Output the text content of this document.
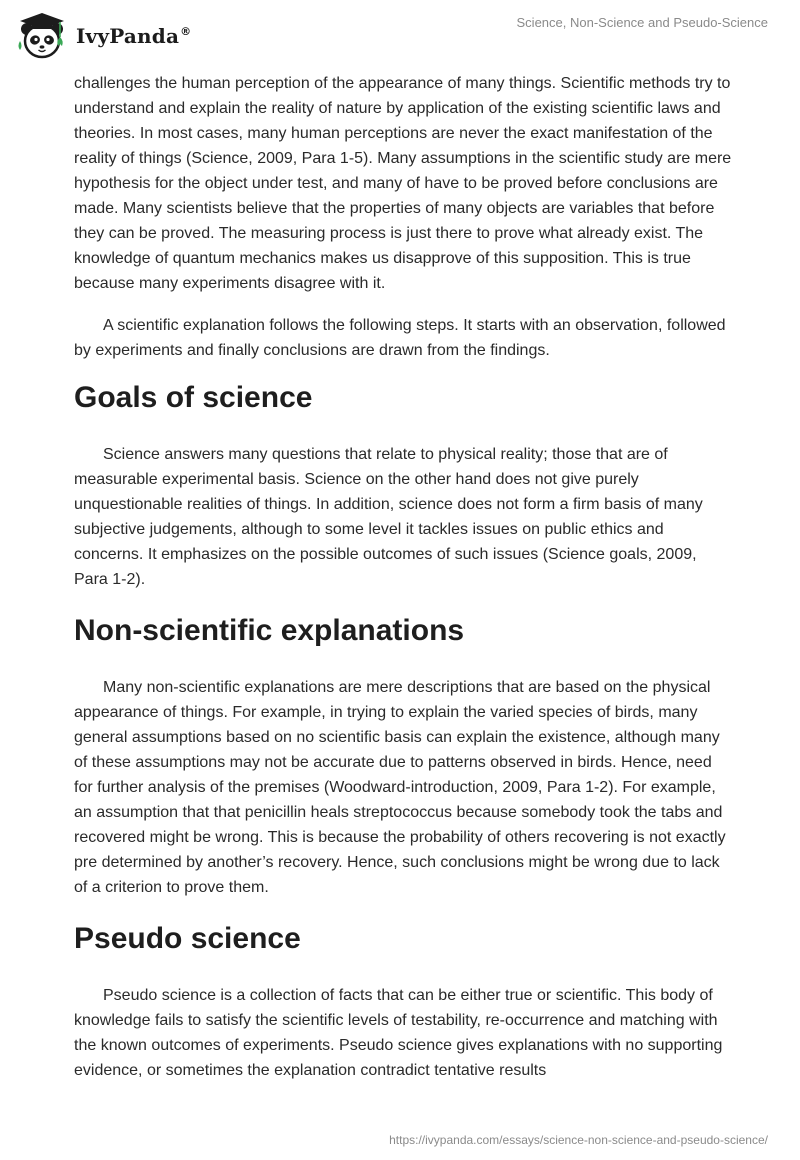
IvyPanda®
Science, Non-Science and Pseudo-Science

challenges the human perception of the appearance of many things. Scientific methods try to understand and explain the reality of nature by application of the existing scientific laws and theories. In most cases, many human perceptions are never the exact manifestation of the reality of things (Science, 2009, Para 1-5). Many assumptions in the scientific study are mere hypothesis for the object under test, and many of have to be proved before conclusions are made. Many scientists believe that the properties of many objects are variables that before they can be proved. The measuring process is just there to prove what already exist. The knowledge of quantum mechanics makes us disapprove of this supposition. This is true because many experiments disagree with it.

A scientific explanation follows the following steps. It starts with an observation, followed by experiments and finally conclusions are drawn from the findings.

Goals of science

Science answers many questions that relate to physical reality; those that are of measurable experimental basis. Science on the other hand does not give purely unquestionable realities of things. In addition, science does not form a firm basis of many subjective judgements, although to some level it tackles issues on public ethics and concerns. It emphasizes on the possible outcomes of such issues (Science goals, 2009, Para 1-2).

Non-scientific explanations

Many non-scientific explanations are mere descriptions that are based on the physical appearance of things. For example, in trying to explain the varied species of birds, many general assumptions based on no scientific basis can explain the existence, although many of these assumptions may not be accurate due to patterns observed in birds. Hence, need for further analysis of the premises (Woodward-introduction, 2009, Para 1-2). For example, an assumption that that penicillin heals streptococcus because somebody took the tabs and recovered might be wrong. This is because the probability of others recovering is not exactly pre determined by another’s recovery. Hence, such conclusions might be wrong due to lack of a criterion to prove them.

Pseudo science

Pseudo science is a collection of facts that can be either true or scientific. This body of knowledge fails to satisfy the scientific levels of testability, re-occurrence and matching with the known outcomes of experiments. Pseudo science gives explanations with no supporting evidence, or sometimes the explanation contradict tentative results

https://ivypanda.com/essays/science-non-science-and-pseudo-science/
